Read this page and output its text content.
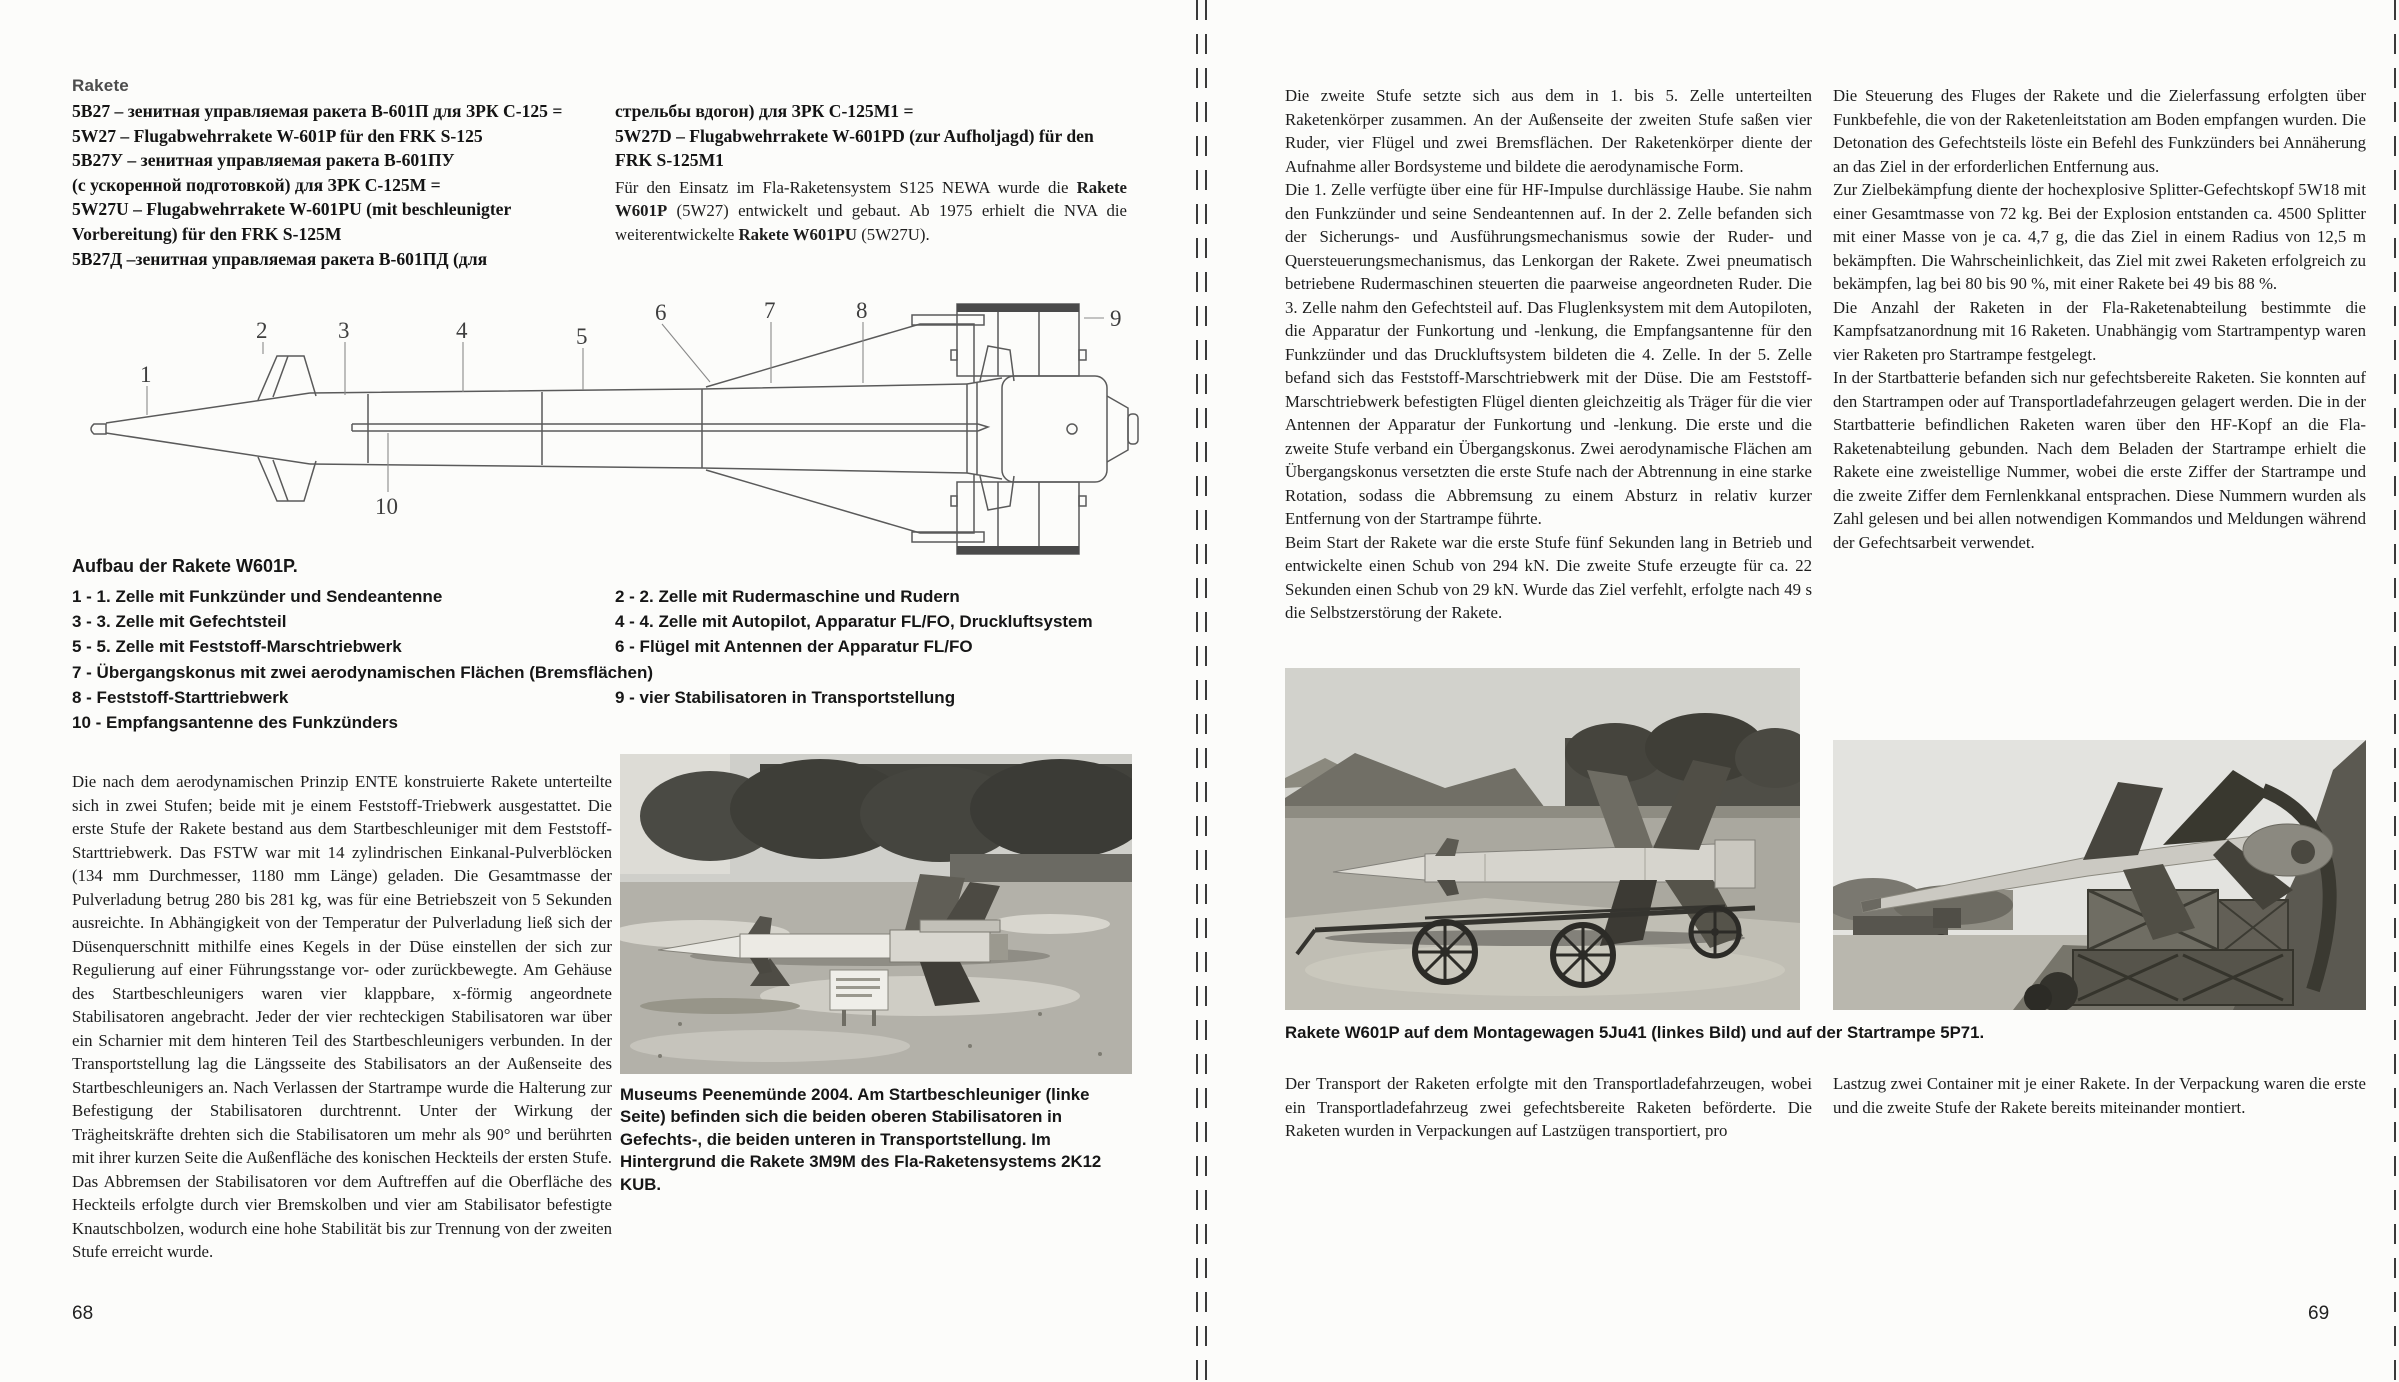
Rakete
5В27 – зенитная управляемая ракета В-601П для ЗРК С-125 =
5W27 – Flugabwehrrakete W-601P für den FRK S-125
5В27У – зенитная управляемая ракета В-601ПУ
(с ускоренной подготовкой) для ЗРК С-125М =
5W27U – Flugabwehrrakete W-601PU (mit beschleunigter
Vorbereitung) für den FRK S-125M
5В27Д –зенитная управляемая ракета В-601ПД (для
стрельбы вдогон) для ЗРК С-125М1 =
5W27D – Flugabwehrrakete W-601PD (zur Aufholjagd) für den
FRK S-125M1
Für den Einsatz im Fla-Raketensystem S125 NEWA wurde die Rakete W601P (5W27) entwickelt und gebaut. Ab 1975 erhielt die NVA die weiterentwickelte Rakete W601PU (5W27U).
1
2	3	4	5
6	7	8	9
10
Aufbau der Rakete W601P.
1 - 1. Zelle mit Funkzünder und Sendeantenne
3 - 3. Zelle mit Gefechtsteil
5 - 5. Zelle mit Feststoff-Marschtriebwerk
7 - Übergangskonus mit zwei aerodynamischen Flächen (Bremsflächen)
8 - Feststoff-Starttriebwerk
10 - Empfangsantenne des Funkzünders
2 - 2. Zelle mit Rudermaschine und Rudern
4 - 4. Zelle mit Autopilot, Apparatur FL/FO, Druckluftsystem
6 - Flügel mit Antennen der Apparatur FL/FO
9 - vier Stabilisatoren in Transportstellung
Die nach dem aerodynamischen Prinzip ENTE konstruierte Rakete unterteilte sich in zwei Stufen; beide mit je einem Feststoff-Triebwerk ausgestattet. Die erste Stufe der Rakete bestand aus dem Startbeschleuniger mit dem Feststoff-Starttriebwerk. Das FSTW war mit 14 zylindrischen Einkanal-Pulverblöcken (134 mm Durchmesser, 1180 mm Länge) geladen. Die Gesamtmasse der Pulverladung betrug 280 bis 281 kg, was für eine Betriebszeit von 5 Sekunden ausreichte. In Abhängigkeit von der Temperatur der Pulverladung ließ sich der Düsenquerschnitt mithilfe eines Kegels in der Düse einstellen der sich zur Regulierung auf einer Führungsstange vor- oder zurückbewegte. Am Gehäuse des Startbeschleunigers waren vier klappbare, x-förmig angeordnete Stabilisatoren angebracht. Jeder der vier rechteckigen Stabilisatoren war über ein Scharnier mit dem hinteren Teil des Startbeschleunigers verbunden. In der Transportstellung lag die Längsseite des Stabilisators an der Außenseite des Startbeschleunigers an. Nach Verlassen der Startrampe wurde die Halterung zur Befestigung der Stabilisatoren durchtrennt. Unter der Wirkung der Trägheitskräfte drehten sich die Stabilisatoren um mehr als 90° und berührten mit ihrer kurzen Seite die Außenfläche des konischen Heckteils der ersten Stufe. Das Abbremsen der Stabilisatoren vor dem Auftreffen auf die Oberfläche des Heckteils erfolgte durch vier Bremskolben und vier am Stabilisator befestigte Knautschbolzen, wodurch eine hohe Stabilität bis zur Trennung von der zweiten Stufe erreicht wurde.
Museums Peenemünde 2004. Am Startbeschleuniger (linke Seite) befinden sich die beiden oberen Stabilisatoren in Gefechts-, die beiden unteren in Transportstellung. Im Hintergrund die Rakete 3M9M des Fla-Raketensystems 2K12 KUB.
68

Die zweite Stufe setzte sich aus dem in 1. bis 5. Zelle unterteilten Raketenkörper zusammen. An der Außenseite der zweiten Stufe saßen vier Ruder, vier Flügel und zwei Bremsflächen. Der Raketenkörper diente der Aufnahme aller Bordsysteme und bildete die aerodynamische Form.

Die 1. Zelle verfügte über eine für HF-Impulse durchlässige Haube. Sie nahm den Funkzünder und seine Sendeantennen auf. In der 2. Zelle befanden sich der Sicherungs- und Ausführungsmechanismus sowie der Ruder- und Quersteuerungsmechanismus, das Lenkorgan der Rakete. Zwei pneumatisch betriebene Rudermaschinen steuerten die paarweise angeordneten Ruder. Die 3. Zelle nahm den Gefechtsteil auf. Das Fluglenksystem mit dem Autopiloten, die Apparatur der Funkortung und -lenkung, die Empfangsantenne für den Funkzünder und das Druckluftsystem bildeten die 4. Zelle. In der 5. Zelle befand sich das Feststoff-Marschtriebwerk mit der Düse. Die am Feststoff-Marschtriebwerk befestigten Flügel dienten gleichzeitig als Träger für die vier Antennen der Apparatur der Funkortung und -lenkung. Die erste und die zweite Stufe verband ein Übergangskonus. Zwei aerodynamische Flächen am Übergangskonus versetzten die erste Stufe nach der Abtrennung in eine starke Rotation, sodass die Abbremsung zu einem Absturz in relativ kurzer Entfernung von der Startrampe führte.

Beim Start der Rakete war die erste Stufe fünf Sekunden lang in Betrieb und entwickelte einen Schub von 294 kN. Die zweite Stufe erzeugte für ca. 22 Sekunden einen Schub von 29 kN. Wurde das Ziel verfehlt, erfolgte nach 49 s die Selbstzerstörung der Rakete.

Die Steuerung des Fluges der Rakete und die Zielerfassung erfolgten über Funkbefehle, die von der Raketenleitstation am Boden empfangen wurden. Die Detonation des Gefechtsteils löste ein Befehl des Funkzünders bei Annäherung an das Ziel in der erforderlichen Entfernung aus.

Zur Zielbekämpfung diente der hochexplosive Splitter-Gefechtskopf 5W18 mit einer Gesamtmasse von 72 kg. Bei der Explosion entstanden ca. 4500 Splitter mit einer Masse von je ca. 4,7 g, die das Ziel in einem Radius von 12,5 m bekämpften. Die Wahrscheinlichkeit, das Ziel mit zwei Raketen erfolgreich zu bekämpfen, lag bei 80 bis 90 %, mit einer Rakete bei 49 bis 88 %.

Die Anzahl der Raketen in der Fla-Raketenabteilung bestimmte die Kampfsatzanordnung mit 16 Raketen. Unabhängig vom Startrampentyp waren vier Raketen pro Startrampe festgelegt.

In der Startbatterie befanden sich nur gefechtsbereite Raketen. Sie konnten auf den Startrampen oder auf Transportladefahrzeugen gelagert werden. Die in der Startbatterie befindlichen Raketen waren über den HF-Kopf an die Fla-Raketenabteilung gebunden. Nach dem Beladen der Startrampe erhielt die Rakete eine zweistellige Nummer, wobei die erste Ziffer der Startrampe und die zweite Ziffer dem Fernlenkkanal entsprachen. Diese Nummern wurden als Zahl gelesen und bei allen notwendigen Kommandos und Meldungen während der Gefechtsarbeit verwendet.

Rakete W601P auf dem Montagewagen 5Ju41 (linkes Bild) und auf der Startrampe 5P71.
Der Transport der Raketen erfolgte mit den Transportladefahrzeugen, wobei ein Transportladefahrzeug zwei gefechtsbereite Raketen beförderte. Die Raketen wurden in Verpackungen auf Lastzügen transportiert, pro
Lastzug zwei Container mit je einer Rakete. In der Verpackung waren die erste und die zweite Stufe der Rakete bereits miteinander montiert.
69
